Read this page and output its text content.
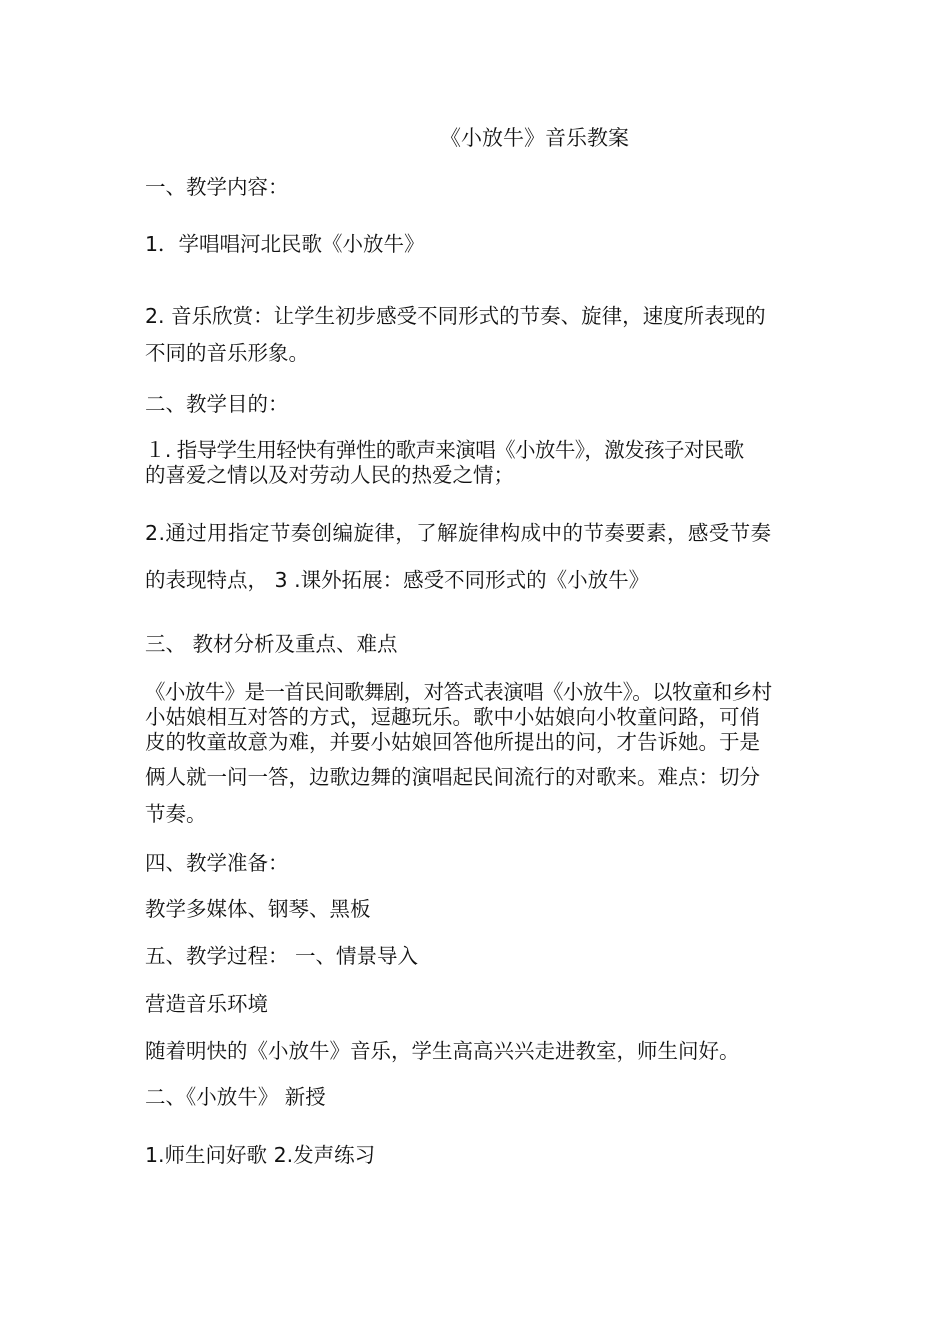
《小放牛》音乐教案
一、教学内容：
1．学唱唱河北民歌《小放牛》
2. 音乐欣赏：让学生初步感受不同形式的节奏、旋律，速度所表现的
不同的音乐形象。
二、教学目的：
１. 指导学生用轻快有弹性的歌声来演唱《小放牛》，激发孩子对民歌
的喜爱之情以及对劳动人民的热爱之情；
2.通过用指定节奏创编旋律，了解旋律构成中的节奏要素，感受节奏
的表现特点， 3 .课外拓展：感受不同形式的《小放牛》
三、 教材分析及重点、难点
《小放牛》是一首民间歌舞剧，对答式表演唱《小放牛》。以牧童和乡村
小姑娘相互对答的方式，逗趣玩乐。歌中小姑娘向小牧童问路，可俏
皮的牧童故意为难，并要小姑娘回答他所提出的问，才告诉她。于是
俩人就一问一答，边歌边舞的演唱起民间流行的对歌来。难点：切分
节奏。
四、教学准备：
教学多媒体、钢琴、黑板
五、教学过程： 一、情景导入
营造音乐环境
随着明快的《小放牛》音乐，学生高高兴兴走进教室，师生问好。
二、《小放牛》 新授
1.师生问好歌 2.发声练习
